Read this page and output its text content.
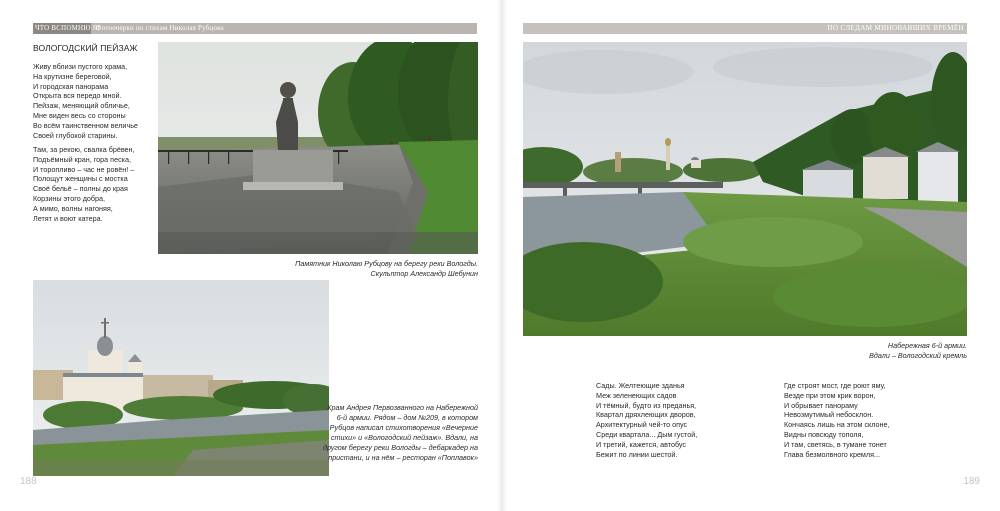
ЧТО ВСПОМНЮ Я?
Фотоочерки по стихам Николая Рубцова	ПО СЛЕДАМ МИНОВАВШИХ ВРЕМЁН
ВОЛОГОДСКИЙ ПЕЙЗАЖ
Живу вблизи пустого храма,
На крутизне береговой,
И городская панорама
Открыта вся передо мной.
Пейзаж, меняющий обличье,
Мне виден весь со стороны
Во всём таинственном величье
Своей глубокой старины.
Там, за рекою, свалка брёвен,
Подъёмный кран, гора песка,
И торопливо – час не ровён! –
Полощут женщины с мостка
Своё бельё – полны до края
Корзины этого добра,
А мимо, волны нагоняя,
Летят и воют катера.
Памятник Николаю Рубцову на берегу реки Вологды.
Скульптор Александр Шебунин
Храм Андрея Первозванного на Набережной
6-й армии. Рядом – дом №209, в котором
Рубцов написал стихотворения «Вечерние
стихи» и «Вологодский пейзаж». Вдали, на
другом берегу реки Вологды – дебаркадер на
пристани, и на нём – ресторан «Поплавок»
Набережная 6-й армии.
Вдали – Вологодский кремль
Сады. Желтеющие зданья
Меж зеленеющих садов
И тёмный, будто из преданья,
Квартал дряхлеющих дворов,
Архитектурный чей-то опус
Среди квартала... Дым густой,
И третий, кажется, автобус
Бежит по линии шестой.
Где строят мост, где роют яму,
Везде при этом крик ворон,
И обрывает панораму
Невозмутимый небосклон.
Кончаясь лишь на этом склоне,
Видны повсюду тополя,
И там, светясь, в тумане тонет
Глава безмолвного кремля...
188	189
